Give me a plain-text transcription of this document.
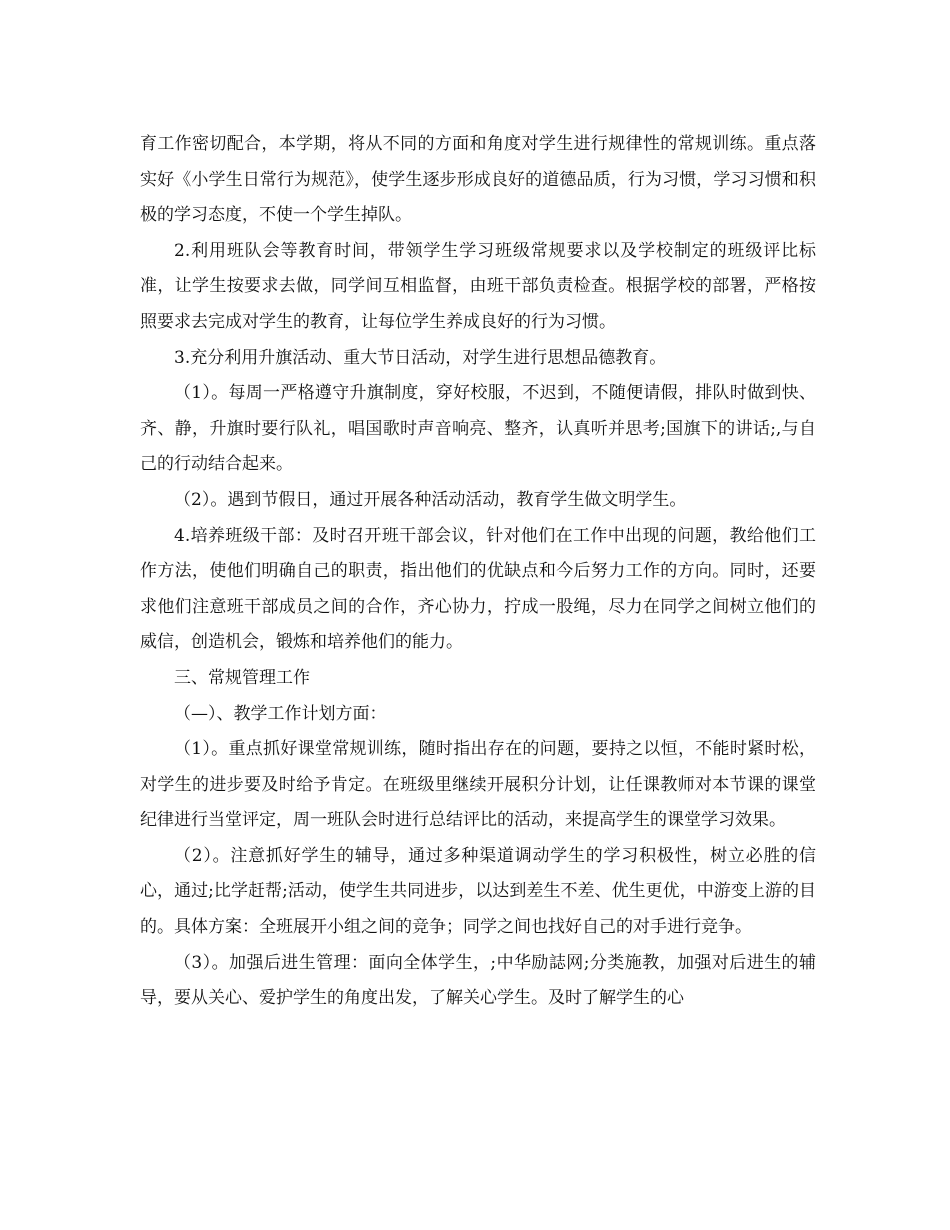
育工作密切配合，本学期，将从不同的方面和角度对学生进行规律性的常规训练。重点落实好《小学生日常行为规范》，使学生逐步形成良好的道德品质，行为习惯，学习习惯和积极的学习态度，不使一个学生掉队。

2.利用班队会等教育时间，带领学生学习班级常规要求以及学校制定的班级评比标准，让学生按要求去做，同学间互相监督，由班干部负责检查。根据学校的部署，严格按照要求去完成对学生的教育，让每位学生养成良好的行为习惯。

3.充分利用升旗活动、重大节日活动，对学生进行思想品德教育。

（1）。每周一严格遵守升旗制度，穿好校服，不迟到，不随便请假，排队时做到快、齐、静，升旗时要行队礼，唱国歌时声音响亮、整齐，认真听并思考;国旗下的讲话;,与自己的行动结合起来。

（2）。遇到节假日，通过开展各种活动活动，教育学生做文明学生。

4.培养班级干部：及时召开班干部会议，针对他们在工作中出现的问题，教给他们工作方法，使他们明确自己的职责，指出他们的优缺点和今后努力工作的方向。同时，还要求他们注意班干部成员之间的合作，齐心协力，拧成一股绳，尽力在同学之间树立他们的威信，创造机会，锻炼和培养他们的能力。

三、常规管理工作

（—）、教学工作计划方面：

（1）。重点抓好课堂常规训练，随时指出存在的问题，要持之以恒，不能时紧时松，对学生的进步要及时给予肯定。在班级里继续开展积分计划，让任课教师对本节课的课堂纪律进行当堂评定，周一班队会时进行总结评比的活动，来提高学生的课堂学习效果。

（2）。注意抓好学生的辅导，通过多种渠道调动学生的学习积极性，树立必胜的信心，通过;比学赶帮;活动，使学生共同进步，以达到差生不差、优生更优，中游变上游的目的。具体方案：全班展开小组之间的竞争；同学之间也找好自己的对手进行竞争。

（3）。加强后进生管理：面向全体学生，;中华励誌网;分类施教，加强对后进生的辅导，要从关心、爱护学生的角度出发，了解关心学生。及时了解学生的心
